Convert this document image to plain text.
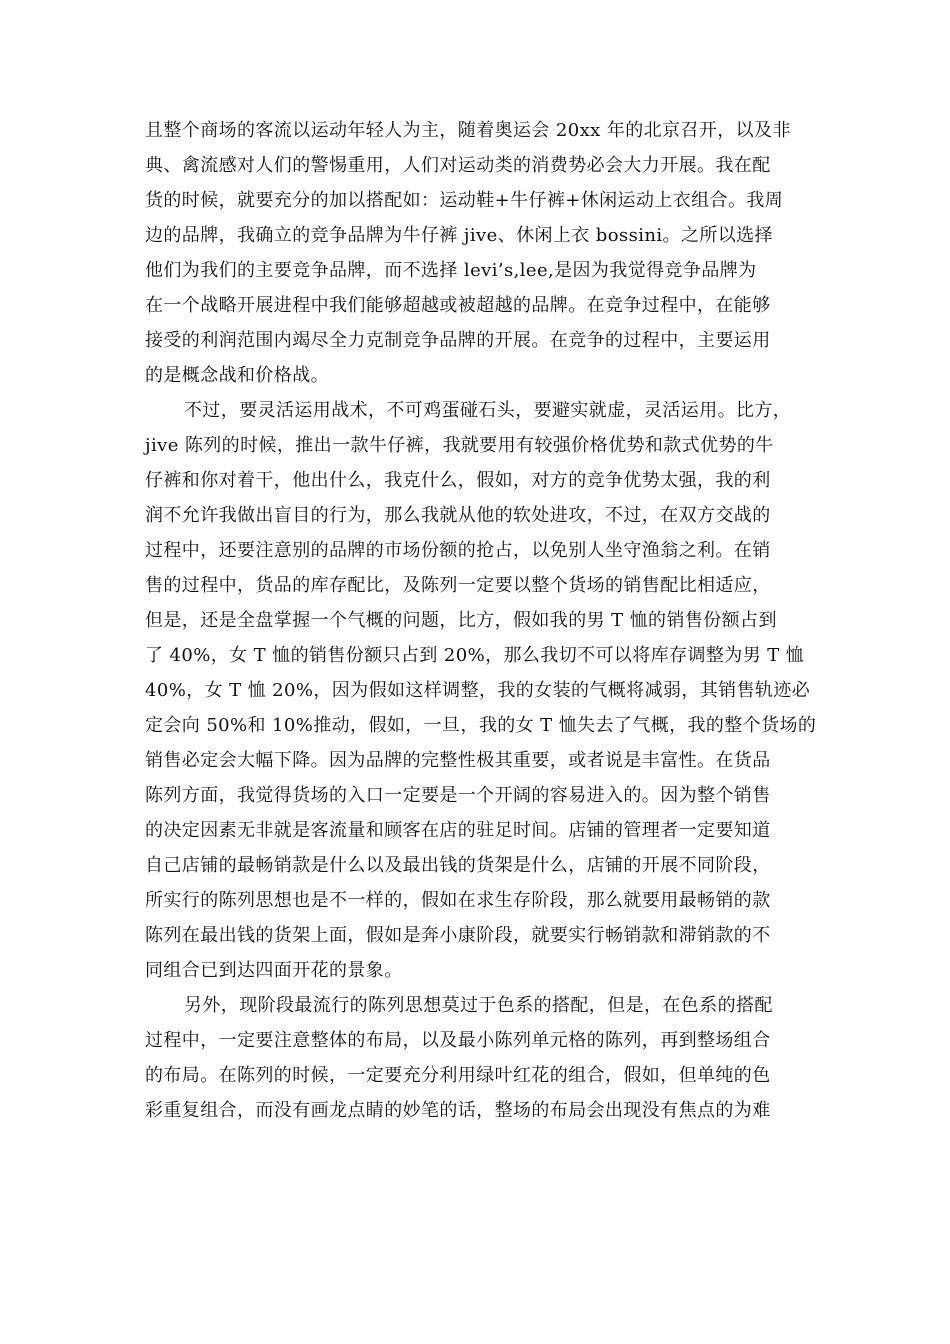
且整个商场的客流以运动年轻人为主，随着奥运会 20xx 年的北京召开，以及非
典、禽流感对人们的警惕重用，人们对运动类的消费势必会大力开展。我在配
货的时候，就要充分的加以搭配如：运动鞋+牛仔裤+休闲运动上衣组合。我周
边的品牌，我确立的竞争品牌为牛仔裤 jive、休闲上衣 bossini。之所以选择
他们为我们的主要竞争品牌，而不选择 levi’s,lee,是因为我觉得竞争品牌为
在一个战略开展进程中我们能够超越或被超越的品牌。在竞争过程中，在能够
接受的利润范围内竭尽全力克制竞争品牌的开展。在竞争的过程中，主要运用
的是概念战和价格战。
不过，要灵活运用战术，不可鸡蛋碰石头，要避实就虚，灵活运用。比方，
jive 陈列的时候，推出一款牛仔裤，我就要用有较强价格优势和款式优势的牛
仔裤和你对着干，他出什么，我克什么，假如，对方的竞争优势太强，我的利
润不允许我做出盲目的行为，那么我就从他的软处进攻，不过，在双方交战的
过程中，还要注意别的品牌的市场份额的抢占，以免别人坐守渔翁之利。在销
售的过程中，货品的库存配比，及陈列一定要以整个货场的销售配比相适应，
但是，还是全盘掌握一个气概的问题，比方，假如我的男 T 恤的销售份额占到
了 40%，女 T 恤的销售份额只占到 20%，那么我切不可以将库存调整为男 T 恤
40%，女 T 恤 20%，因为假如这样调整，我的女装的气概将减弱，其销售轨迹必
定会向 50%和 10%推动，假如，一旦，我的女 T 恤失去了气概，我的整个货场的
销售必定会大幅下降。因为品牌的完整性极其重要，或者说是丰富性。在货品
陈列方面，我觉得货场的入口一定要是一个开阔的容易进入的。因为整个销售
的决定因素无非就是客流量和顾客在店的驻足时间。店铺的管理者一定要知道
自己店铺的最畅销款是什么以及最出钱的货架是什么，店铺的开展不同阶段，
所实行的陈列思想也是不一样的，假如在求生存阶段，那么就要用最畅销的款
陈列在最出钱的货架上面，假如是奔小康阶段，就要实行畅销款和滞销款的不
同组合已到达四面开花的景象。
另外，现阶段最流行的陈列思想莫过于色系的搭配，但是，在色系的搭配
过程中，一定要注意整体的布局，以及最小陈列单元格的陈列，再到整场组合
的布局。在陈列的时候，一定要充分利用绿叶红花的组合，假如，但单纯的色
彩重复组合，而没有画龙点睛的妙笔的话，整场的布局会出现没有焦点的为难
